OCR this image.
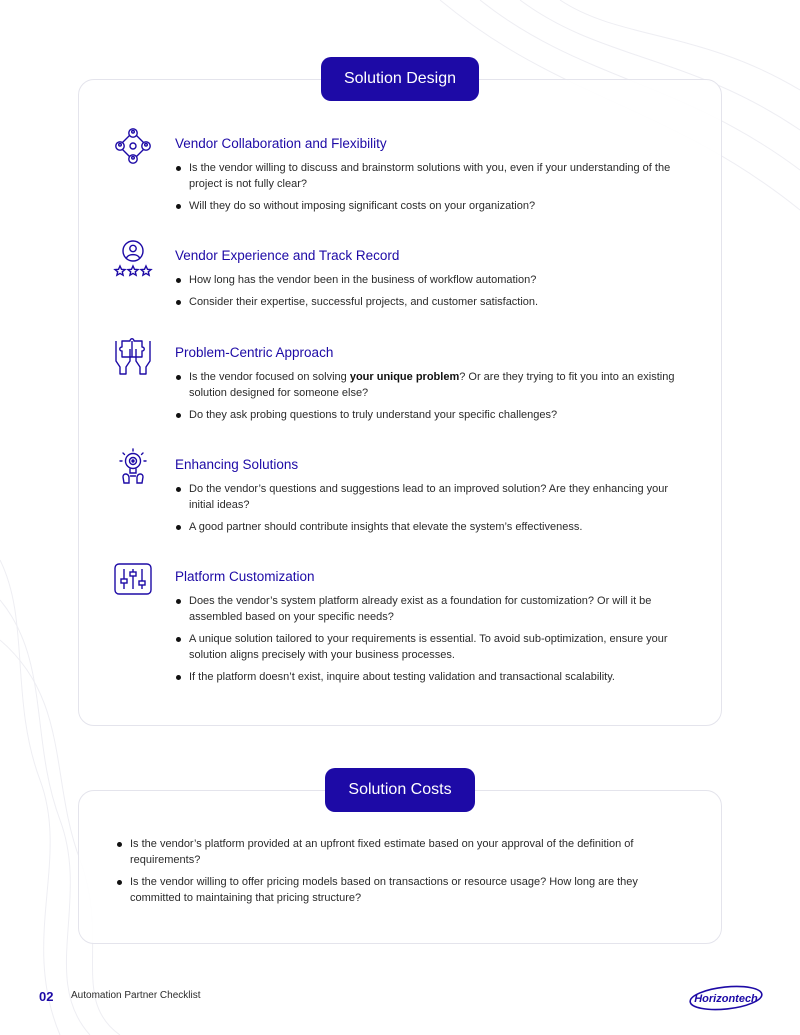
Solution Design
Vendor Collaboration and Flexibility
Is the vendor willing to discuss and brainstorm solutions with you, even if your understanding of the project is not fully clear?
Will they do so without imposing significant costs on your organization?
Vendor Experience and Track Record
How long has the vendor been in the business of workflow automation?
Consider their expertise, successful projects, and customer satisfaction.
Problem-Centric Approach
Is the vendor focused on solving your unique problem? Or are they trying to fit you into an existing solution designed for someone else?
Do they ask probing questions to truly understand your specific challenges?
Enhancing Solutions
Do the vendor’s questions and suggestions lead to an improved solution? Are they enhancing your initial ideas?
A good partner should contribute insights that elevate the system’s effectiveness.
Platform Customization
Does the vendor’s system platform already exist as a foundation for customization? Or will it be assembled based on your specific needs?
A unique solution tailored to your requirements is essential. To avoid sub-optimization, ensure your solution aligns precisely with your business processes.
If the platform doesn’t exist, inquire about testing validation and transactional scalability.
Solution Costs
Is the vendor’s platform provided at an upfront fixed estimate based on your approval of the definition of requirements?
Is the vendor willing to offer pricing models based on transactions or resource usage? How long are they committed to maintaining that pricing structure?
02 Automation Partner Checklist	Horizontech
